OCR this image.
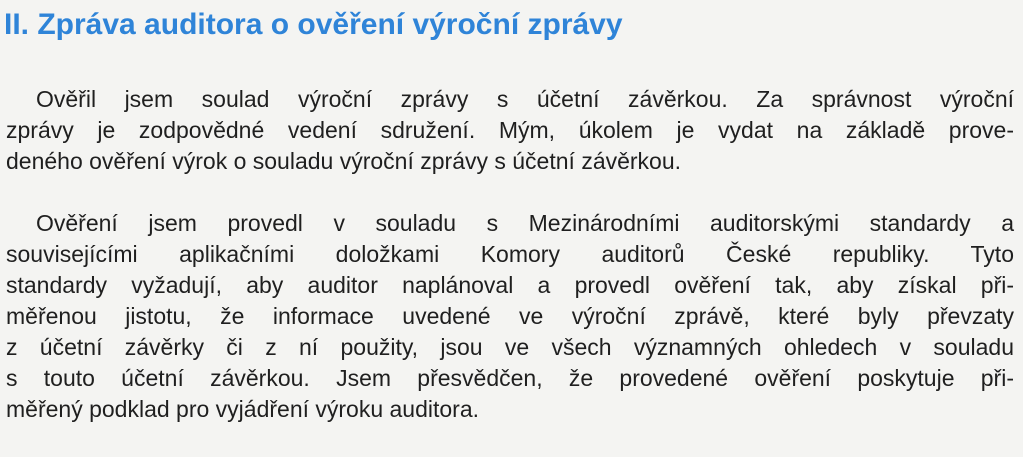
II. Zpráva auditora o ověření výroční zprávy

Ověřil jsem soulad výroční zprávy s účetní závěrkou. Za správnost výroční
zprávy je zodpovědné vedení sdružení. Mým, úkolem je vydat na základě prove-
deného ověření výrok o souladu výroční zprávy s účetní závěrkou.

Ověření jsem provedl v souladu s Mezinárodními auditorskými standardy a
souvisejícími aplikačními doložkami Komory auditorů České republiky. Tyto
standardy vyžadují, aby auditor naplánoval a provedl ověření tak, aby získal při-
měřenou jistotu, že informace uvedené ve výroční zprávě, které byly převzaty
z účetní závěrky či z ní použity, jsou ve všech významných ohledech v souladu
s touto účetní závěrkou. Jsem přesvědčen, že provedené ověření poskytuje při-
měřený podklad pro vyjádření výroku auditora.
